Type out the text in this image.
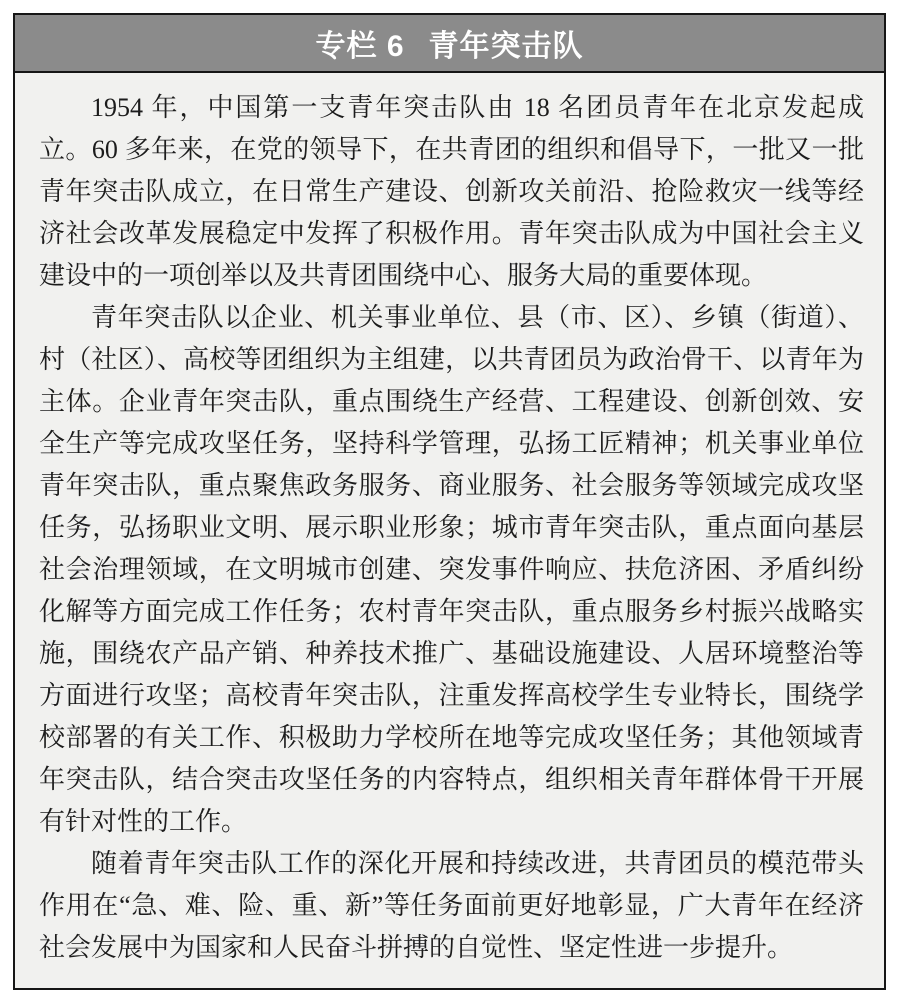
专栏 6 青年突击队

1954 年，中国第一支青年突击队由 18 名团员青年在北京发起成立。60 多年来，在党的领导下，在共青团的组织和倡导下，一批又一批青年突击队成立，在日常生产建设、创新攻关前沿、抢险救灾一线等经济社会改革发展稳定中发挥了积极作用。青年突击队成为中国社会主义建设中的一项创举以及共青团围绕中心、服务大局的重要体现。

青年突击队以企业、机关事业单位、县（市、区）、乡镇（街道）、村（社区）、高校等团组织为主组建，以共青团员为政治骨干、以青年为主体。企业青年突击队，重点围绕生产经营、工程建设、创新创效、安全生产等完成攻坚任务，坚持科学管理，弘扬工匠精神；机关事业单位青年突击队，重点聚焦政务服务、商业服务、社会服务等领域完成攻坚任务，弘扬职业文明、展示职业形象；城市青年突击队，重点面向基层社会治理领域，在文明城市创建、突发事件响应、扶危济困、矛盾纠纷化解等方面完成工作任务；农村青年突击队，重点服务乡村振兴战略实施，围绕农产品产销、种养技术推广、基础设施建设、人居环境整治等方面进行攻坚；高校青年突击队，注重发挥高校学生专业特长，围绕学校部署的有关工作、积极助力学校所在地等完成攻坚任务；其他领域青年突击队，结合突击攻坚任务的内容特点，组织相关青年群体骨干开展有针对性的工作。

随着青年突击队工作的深化开展和持续改进，共青团员的模范带头作用在“急、难、险、重、新”等任务面前更好地彰显，广大青年在经济社会发展中为国家和人民奋斗拼搏的自觉性、坚定性进一步提升。
